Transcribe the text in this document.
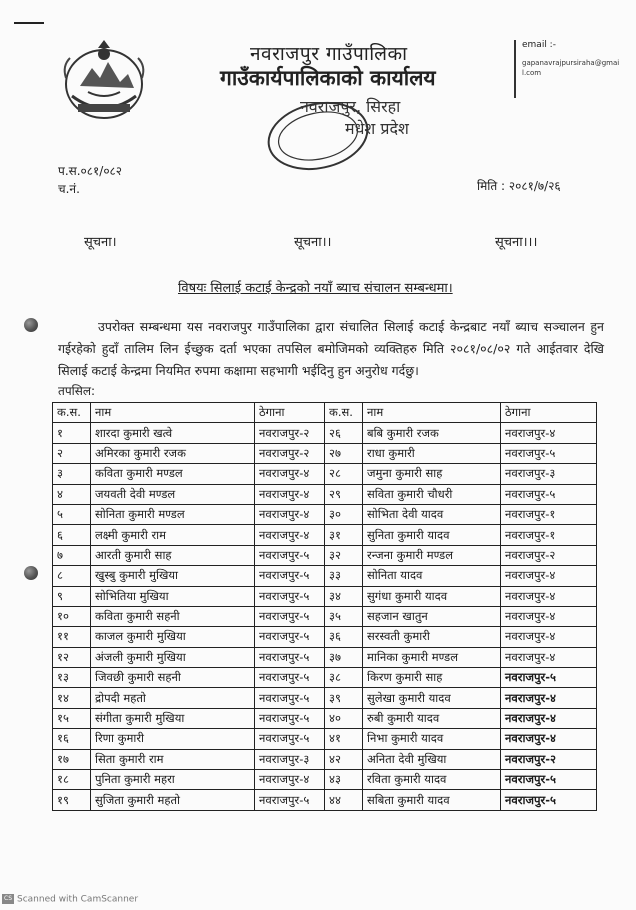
नवराजपुर गाउँपालिका
गाउँकार्यपालिकाको कार्यालय
नवराजपुर, सिरहा
मधेश प्रदेश
email :-
gapanavrajpursiraha@gmail.com
प.स.०८१/०८२
च.नं.	मिति : २०८१/७/२६
सूचना।	सूचना।।	सूचना।।।
विषयः सिलाई कटाई केन्द्रको नयाँ ब्याच संचालन सम्बन्धमा।
उपरोक्त सम्बन्धमा यस नवराजपुर गाउँपालिका द्वारा संचालित सिलाई कटाई केन्द्रबाट नयाँ ब्याच सञ्चालन हुन गईरहेको हुदाँ तालिम लिन ईच्छुक दर्ता भएका तपसिल बमोजिमको व्यक्तिहरु मिति २०८१/०८/०२ गते आईतवार देखि सिलाई कटाई केन्द्रमा नियमित रुपमा कक्षामा सहभागी भईदिनु हुन अनुरोध गर्दछु।
तपसिल:
क.स.	नाम	ठेगाना	क.स.	नाम	ठेगाना
१	शारदा कुमारी खत्वे	नवराजपुर-२	२६	बबि कुमारी रजक	नवराजपुर-४
२	अमिरका कुमारी रजक	नवराजपुर-२	२७	राधा कुमारी	नवराजपुर-५
३	कविता कुमारी मण्डल	नवराजपुर-४	२८	जमुना कुमारी साह	नवराजपुर-३
४	जयवती देवी मण्डल	नवराजपुर-४	२९	सविता कुमारी चौधरी	नवराजपुर-५
५	सोनिता कुमारी मण्डल	नवराजपुर-४	३०	सोभिता देवी यादव	नवराजपुर-१
६	लक्ष्मी कुमारी राम	नवराजपुर-४	३१	सुनिता कुमारी यादव	नवराजपुर-१
७	आरती कुमारी साह	नवराजपुर-५	३२	रन्जना कुमारी मण्डल	नवराजपुर-२
८	खुस्बु कुमारी मुखिया	नवराजपुर-५	३३	सोनिता यादव	नवराजपुर-४
९	सोभितिया मुखिया	नवराजपुर-५	३४	सुगंधा कुमारी यादव	नवराजपुर-४
१०	कविता कुमारी सहनी	नवराजपुर-५	३५	सहजान खातुन	नवराजपुर-४
११	काजल कुमारी मुखिया	नवराजपुर-५	३६	सरस्वती कुमारी	नवराजपुर-४
१२	अंजली कुमारी मुखिया	नवराजपुर-५	३७	मानिका कुमारी मण्डल	नवराजपुर-४
१३	जिवछी कुमारी सहनी	नवराजपुर-५	३८	किरण कुमारी साह	नवराजपुर-५
१४	द्रोपदी महतो	नवराजपुर-५	३९	सुलेखा कुमारी यादव	नवराजपुर-४
१५	संगीता कुमारी मुखिया	नवराजपुर-५	४०	रुबी कुमारी यादव	नवराजपुर-४
१६	रिणा कुमारी	नवराजपुर-५	४१	निभा कुमारी यादव	नवराजपुर-४
१७	सिता कुमारी राम	नवराजपुर-३	४२	अनिता देवी मुखिया	नवराजपुर-२
१८	पुनिता कुमारी महरा	नवराजपुर-४	४३	रविता कुमारी यादव	नवराजपुर-५
१९	सुजिता कुमारी महतो	नवराजपुर-५	४४	सबिता कुमारी यादव	नवराजपुर-५
CS Scanned with CamScanner
